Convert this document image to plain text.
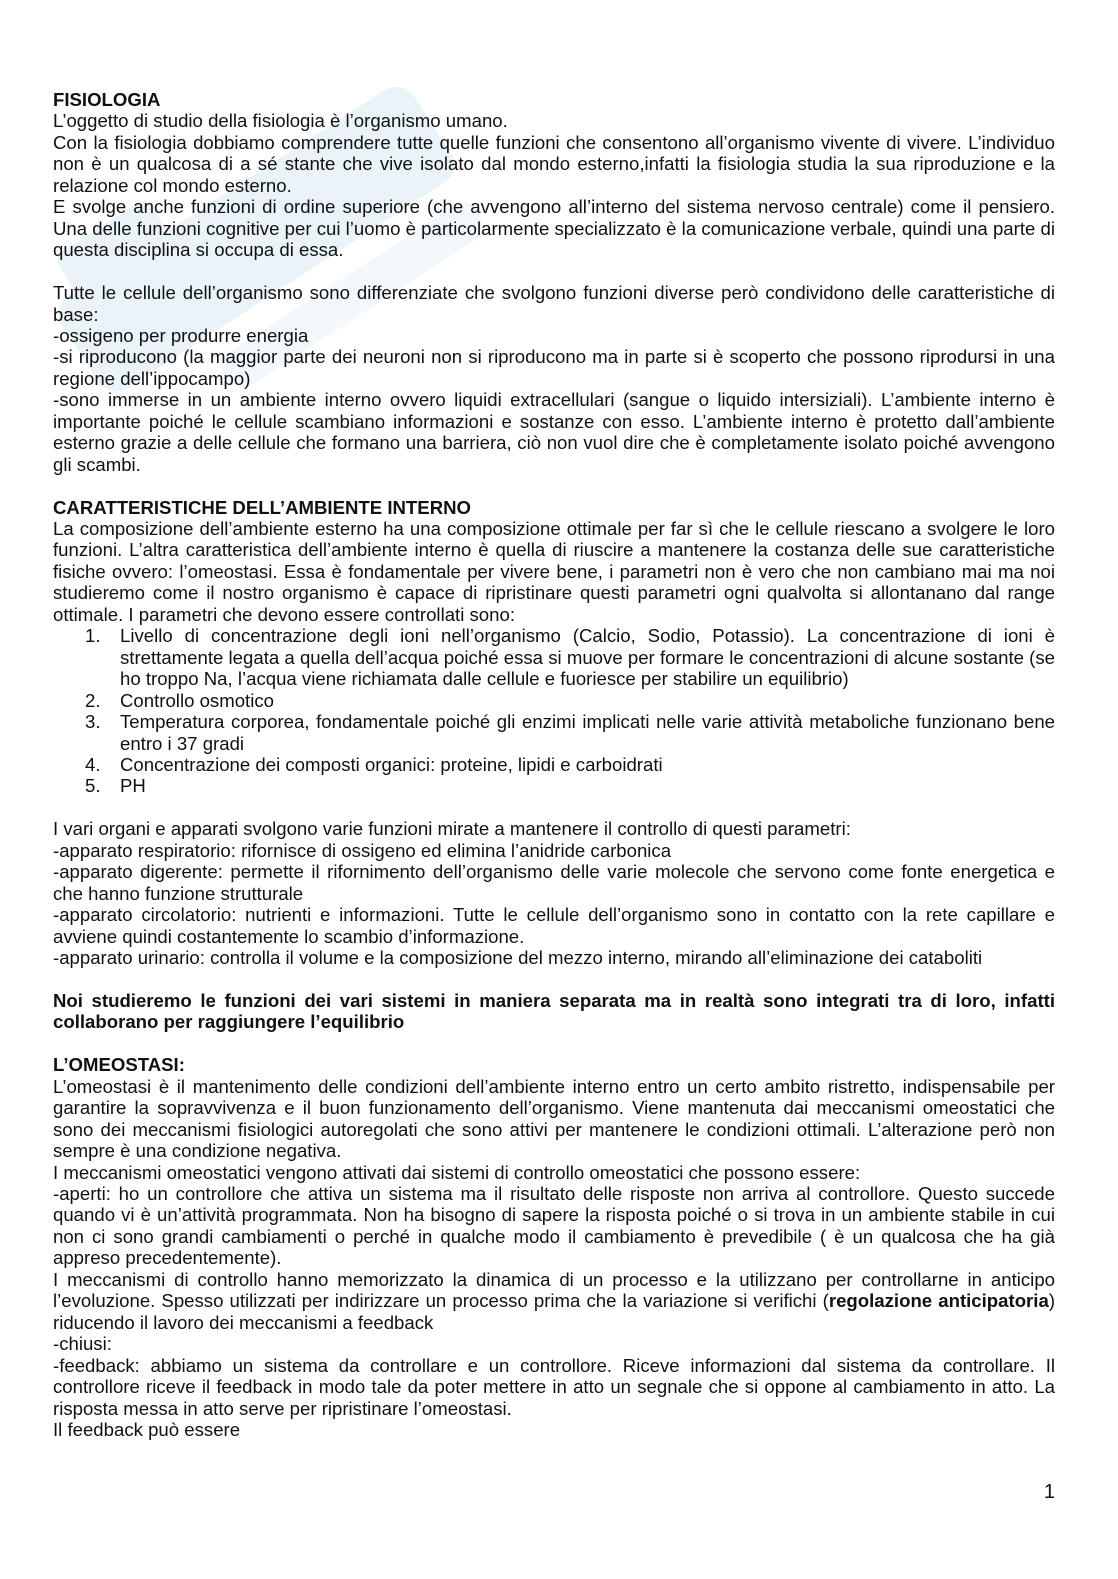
FISIOLOGIA

L’oggetto di studio della fisiologia è l’organismo umano.

Con la fisiologia dobbiamo comprendere tutte quelle funzioni che consentono all’organismo vivente di vivere. L’individuo non è un qualcosa di a sé stante che vive isolato dal mondo esterno,infatti la fisiologia studia la sua riproduzione e la relazione col mondo esterno.

E svolge anche funzioni di ordine superiore (che avvengono all’interno del sistema nervoso centrale) come il pensiero. Una delle funzioni cognitive per cui l’uomo è particolarmente specializzato è la comunicazione verbale, quindi una parte di questa disciplina si occupa di essa.

Tutte le cellule dell’organismo sono differenziate che svolgono funzioni diverse però condividono delle caratteristiche di base:

-ossigeno per produrre energia

-si riproducono (la maggior parte dei neuroni non si riproducono ma in parte si è scoperto che possono riprodursi in una regione dell’ippocampo)

-sono immerse in un ambiente interno ovvero liquidi extracellulari (sangue o liquido intersiziali). L’ambiente interno è importante poiché le cellule scambiano informazioni e sostanze con esso. L’ambiente interno è protetto dall’ambiente esterno grazie a delle cellule che formano una barriera, ciò non vuol dire che è completamente isolato poiché avvengono gli scambi.

CARATTERISTICHE DELL’AMBIENTE INTERNO

La composizione dell’ambiente esterno ha una composizione ottimale per far sì che le cellule riescano a svolgere le loro funzioni. L’altra caratteristica dell’ambiente interno è quella di riuscire a mantenere la costanza delle sue caratteristiche fisiche ovvero: l’omeostasi. Essa è fondamentale per vivere bene, i parametri non è vero che non cambiano mai ma noi studieremo come il nostro organismo è capace di ripristinare questi parametri ogni qualvolta si allontanano dal range ottimale. I parametri che devono essere controllati sono:

1. Livello di concentrazione degli ioni nell’organismo (Calcio, Sodio, Potassio). La concentrazione di ioni è strettamente legata a quella dell’acqua poiché essa si muove per formare le concentrazioni di alcune sostante (se ho troppo Na, l’acqua viene richiamata dalle cellule e fuoriesce per stabilire un equilibrio)
2. Controllo osmotico
3. Temperatura corporea, fondamentale poiché gli enzimi implicati nelle varie attività metaboliche funzionano bene entro i 37 gradi
4. Concentrazione dei composti organici: proteine, lipidi e carboidrati
5. PH

I vari organi e apparati svolgono varie funzioni mirate a mantenere il controllo di questi parametri:

-apparato respiratorio: rifornisce di ossigeno ed elimina l’anidride carbonica

-apparato digerente: permette il rifornimento dell’organismo delle varie molecole che servono come fonte energetica e che hanno funzione strutturale

-apparato circolatorio: nutrienti e informazioni. Tutte le cellule dell’organismo sono in contatto con la rete capillare e avviene quindi costantemente lo scambio d’informazione.

-apparato urinario: controlla il volume e la composizione del mezzo interno, mirando all’eliminazione dei cataboliti

Noi studieremo le funzioni dei vari sistemi in maniera separata ma in realtà sono integrati tra di loro, infatti collaborano per raggiungere l’equilibrio

L’OMEOSTASI:

L’omeostasi è il mantenimento delle condizioni dell’ambiente interno entro un certo ambito ristretto, indispensabile per garantire la sopravvivenza e il buon funzionamento dell’organismo. Viene mantenuta dai meccanismi omeostatici che sono dei meccanismi fisiologici autoregolati che sono attivi per mantenere le condizioni ottimali. L’alterazione però non sempre è una condizione negativa.

I meccanismi omeostatici vengono attivati dai sistemi di controllo omeostatici che possono essere:

-aperti: ho un controllore che attiva un sistema ma il risultato delle risposte non arriva al controllore. Questo succede quando vi è un’attività programmata. Non ha bisogno di sapere la risposta poiché o si trova in un ambiente stabile in cui non ci sono grandi cambiamenti o perché in qualche modo il cambiamento è prevedibile ( è un qualcosa che ha già appreso precedentemente).

I meccanismi di controllo hanno memorizzato la dinamica di un processo e la utilizzano per controllarne in anticipo l’evoluzione. Spesso utilizzati per indirizzare un processo prima che la variazione si verifichi (regolazione anticipatoria) riducendo il lavoro dei meccanismi a feedback

-chiusi:

-feedback: abbiamo un sistema da controllare e un controllore. Riceve informazioni dal sistema da controllare. Il controllore riceve il feedback in modo tale da poter mettere in atto un segnale che si oppone al cambiamento in atto. La risposta messa in atto serve per ripristinare l’omeostasi.

Il feedback può essere

1
